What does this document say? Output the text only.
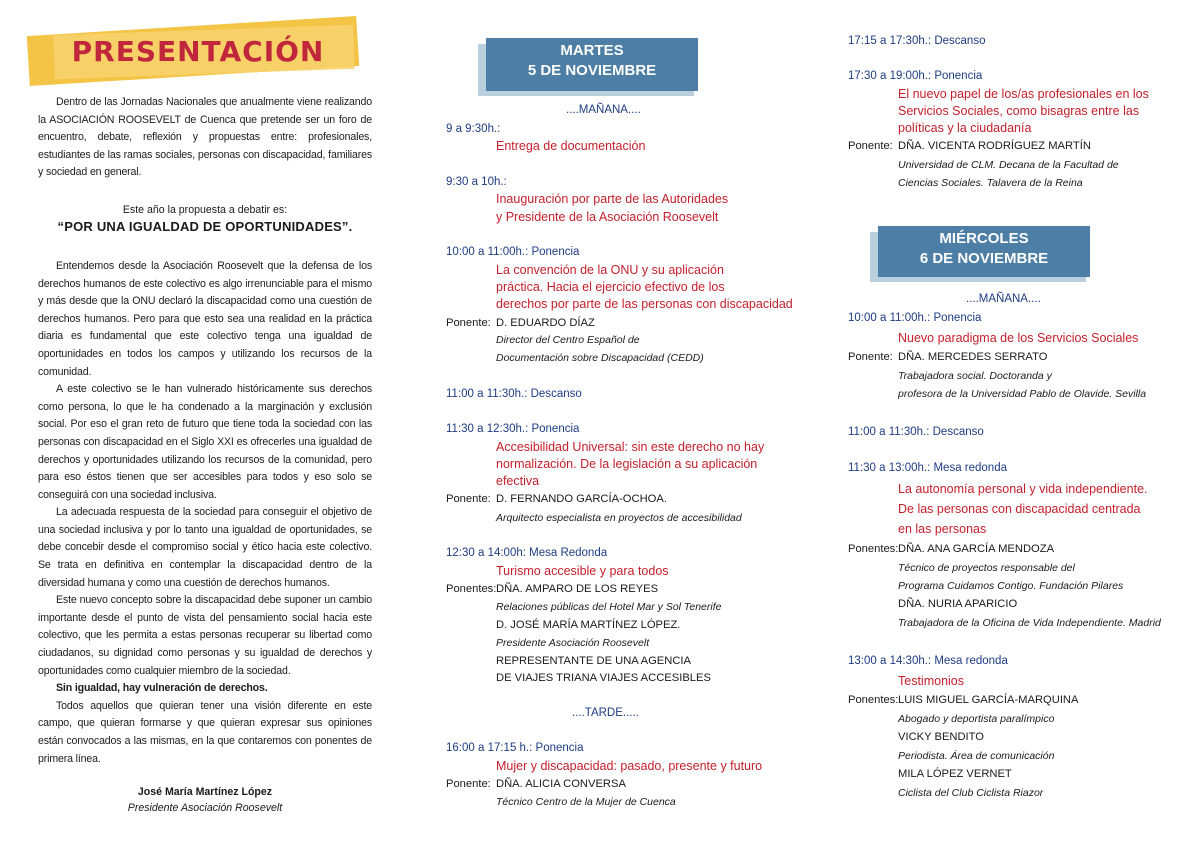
PRESENTACIÓN

Dentro de las Jornadas Nacionales que anualmente viene realizando la ASOCIACIÓN ROOSEVELT de Cuenca que pretende ser un foro de encuentro, debate, reflexión y propuestas entre: profesionales, estudiantes de las ramas sociales, personas con discapacidad, familiares y sociedad en general.

Este año la propuesta a debatir es:
“POR UNA IGUALDAD DE OPORTUNIDADES”.

Entendemos desde la Asociación Roosevelt que la defensa de los derechos humanos de este colectivo es algo irrenunciable para el mismo y más desde que la ONU declaró la discapacidad como una cuestión de derechos humanos. Pero para que esto sea una realidad en la práctica diaria es fundamental que este colectivo tenga una igualdad de oportunidades en todos los campos y utilizando los recursos de la comunidad.

A este colectivo se le han vulnerado históricamente sus derechos como persona, lo que le ha condenado a la marginación y exclusión social. Por eso el gran reto de futuro que tiene toda la sociedad con las personas con discapacidad en el Siglo XXI es ofrecerles una igualdad de derechos y oportunidades utilizando los recursos de la comunidad, pero para eso éstos tienen que ser accesibles para todos y eso solo se conseguirá con una sociedad inclusiva.

La adecuada respuesta de la sociedad para conseguir el objetivo de una sociedad inclusiva y por lo tanto una igualdad de oportunidades, se debe concebir desde el compromiso social y ético hacia este colectivo. Se trata en definitiva en contemplar la discapacidad dentro de la diversidad humana y como una cuestión de derechos humanos.

Este nuevo concepto sobre la discapacidad debe suponer un cambio importante desde el punto de vista del pensamiento social hacia este colectivo, que les permita a estas personas recuperar su libertad como ciudadanos, su dignidad como personas y su igualdad de derechos y oportunidades como cualquier miembro de la sociedad.

Sin igualdad, hay vulneración de derechos.

Todos aquellos que quieran tener una visión diferente en este campo, que quieran formarse y que quieran expresar sus opiniones están convocados a las mismas, en la que contaremos con ponentes de primera línea.

José María Martínez López
Presidente Asociación Roosevelt
MARTES
5 DE NOVIEMBRE
....MAÑANA....
9 a 9:30h.:
Entrega de documentación
9:30 a 10h.:
Inauguración por parte de las Autoridades
y Presidente de la Asociación Roosevelt
10:00 a 11:00h.: Ponencia
La convención de la ONU y su aplicación
práctica. Hacia el ejercicio efectivo de los
derechos por parte de las personas con discapacidad
Ponente: D. EDUARDO DÍAZ
Director del Centro Español de
Documentación sobre Discapacidad (CEDD)
11:00 a 11:30h.: Descanso
11:30 a 12:30h.: Ponencia
Accesibilidad Universal: sin este derecho no hay
normalización. De la legislación a su aplicación
efectiva
Ponente: D. FERNANDO GARCÍA-OCHOA.
Arquitecto especialista en proyectos de accesibilidad
12:30 a 14:00h: Mesa Redonda
Turismo accesible y para todos
Ponentes: DÑA. AMPARO DE LOS REYES
Relaciones públicas del Hotel Mar y Sol Tenerife
D. JOSÉ MARÍA MARTÍNEZ LÓPEZ.
Presidente Asociación Roosevelt
REPRESENTANTE DE UNA AGENCIA
DE VIAJES TRIANA VIAJES ACCESIBLES
....TARDE.....
16:00 a 17:15 h.: Ponencia
Mujer y discapacidad: pasado, presente y futuro
Ponente: DÑA. ALICIA CONVERSA
Técnico Centro de la Mujer de Cuenca
17:15 a 17:30h.: Descanso
17:30 a 19:00h.: Ponencia
El nuevo papel de los/as profesionales en los
Servicios Sociales, como bisagras entre las
políticas y la ciudadanía
Ponente: DÑA. VICENTA RODRÍGUEZ MARTÍN
Universidad de CLM. Decana de la Facultad de
Ciencias Sociales. Talavera de la Reina
MIÉRCOLES
6 DE NOVIEMBRE
....MAÑANA....
10:00 a 11:00h.: Ponencia
Nuevo paradigma de los Servicios Sociales
Ponente: DÑA. MERCEDES SERRATO
Trabajadora social. Doctoranda y
profesora de la Universidad Pablo de Olavide. Sevilla
11:00 a 11:30h.: Descanso
11:30 a 13:00h.: Mesa redonda
La autonomía personal y vida independiente.
De las personas con discapacidad centrada
en las personas
Ponentes: DÑA. ANA GARCÍA MENDOZA
Técnico de proyectos responsable del
Programa Cuidamos Contigo. Fundación Pilares
DÑA. NURIA APARICIO
Trabajadora de la Oficina de Vida Independiente. Madrid
13:00 a 14:30h.: Mesa redonda
Testimonios
Ponentes: LUIS MIGUEL GARCÍA-MARQUINA
Abogado y deportista paralímpico
VICKY BENDITO
Periodista. Área de comunicación
MILA LÓPEZ VERNET
Ciclista del Club Ciclista Riazor
